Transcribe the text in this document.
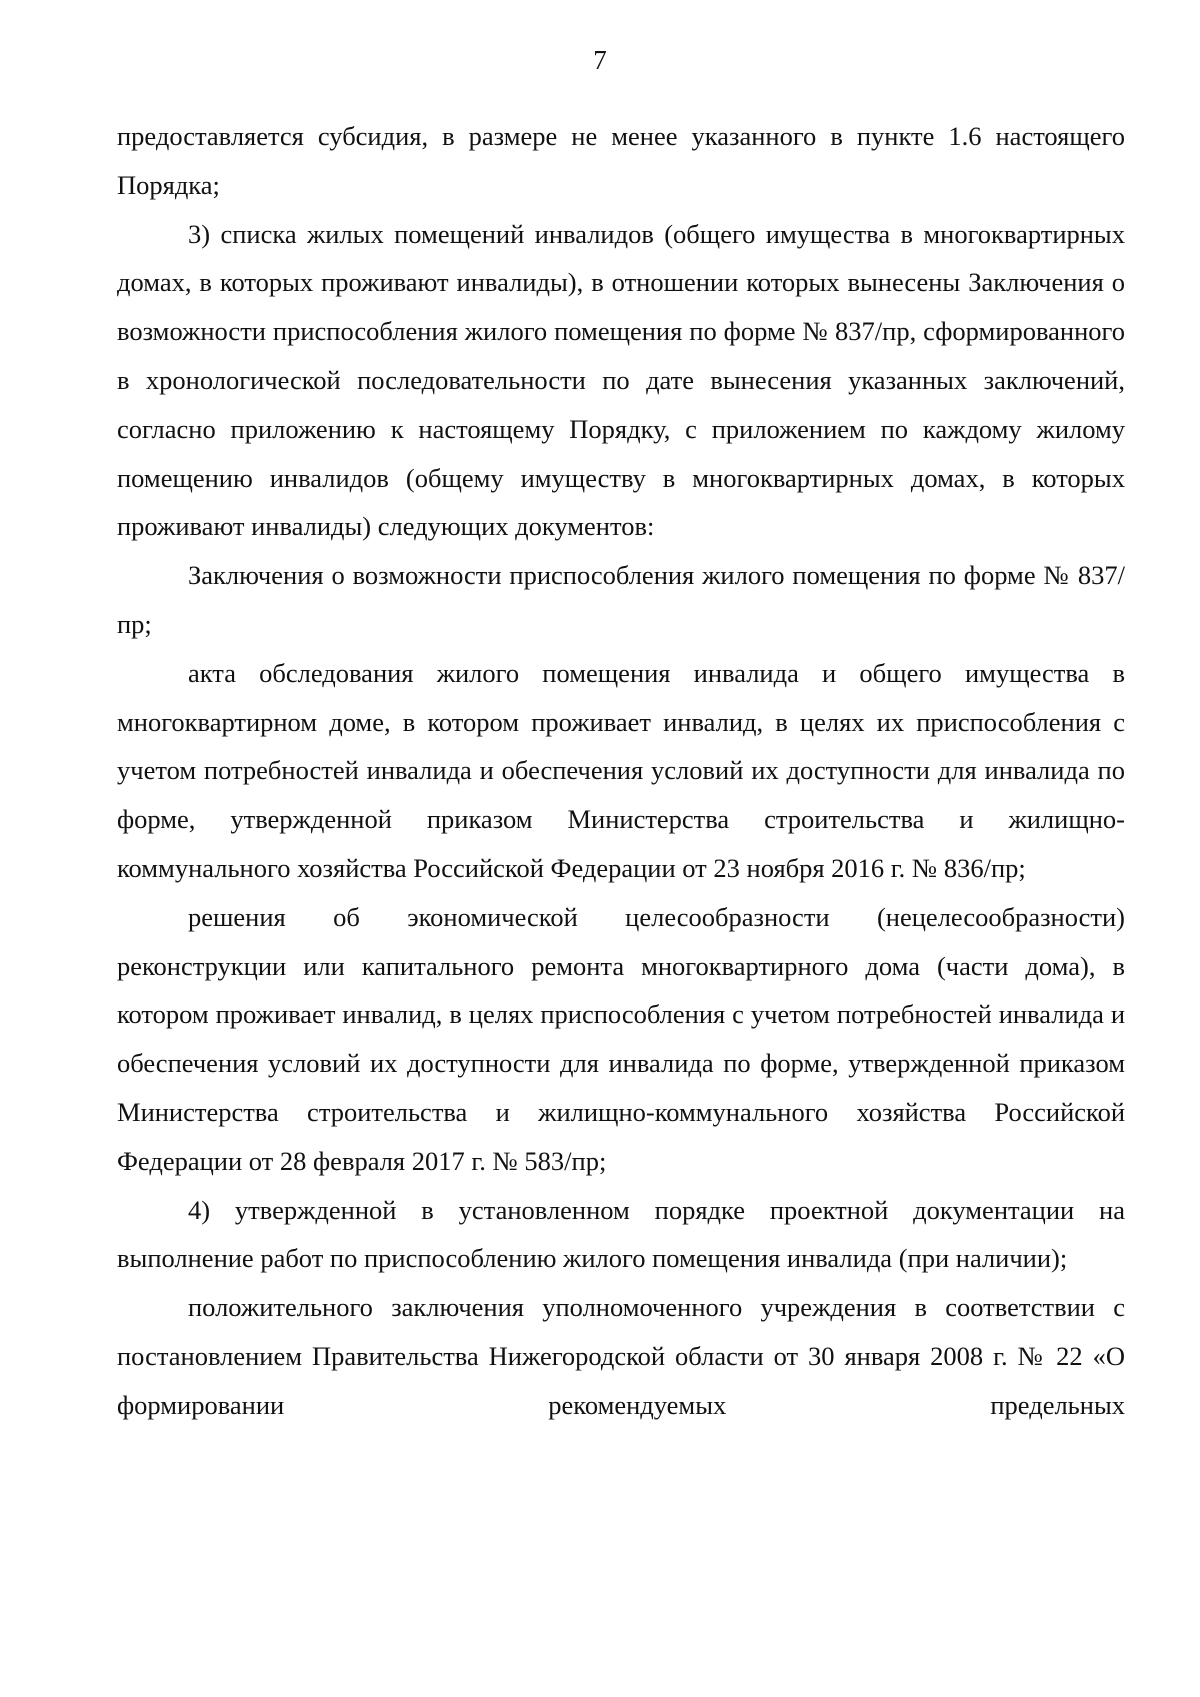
7

предоставляется субсидия, в размере не менее указанного в пункте 1.6 настоящего Порядка;

3) списка жилых помещений инвалидов (общего имущества в многоквартирных домах, в которых проживают инвалиды), в отношении которых вынесены Заключения о возможности приспособления жилого помещения по форме № 837/пр, сформированного в хронологической последовательности по дате вынесения указанных заключений, согласно приложению к настоящему Порядку, с приложением по каждому жилому помещению инвалидов (общему имуществу в многоквартирных домах, в которых проживают инвалиды) следующих документов:

Заключения о возможности приспособления жилого помещения по форме № 837/пр;

акта обследования жилого помещения инвалида и общего имущества в многоквартирном доме, в котором проживает инвалид, в целях их приспособления с учетом потребностей инвалида и обеспечения условий их доступности для инвалида по форме, утвержденной приказом Министерства строительства и жилищно-коммунального хозяйства Российской Федерации от 23 ноября 2016 г. № 836/пр;

решения об экономической целесообразности (нецелесообразности) реконструкции или капитального ремонта многоквартирного дома (части дома), в котором проживает инвалид, в целях приспособления с учетом потребностей инвалида и обеспечения условий их доступности для инвалида по форме, утвержденной приказом Министерства строительства и жилищно-коммунального хозяйства Российской Федерации от 28 февраля 2017 г. № 583/пр;

4) утвержденной в установленном порядке проектной документации на выполнение работ по приспособлению жилого помещения инвалида (при наличии);

положительного заключения уполномоченного учреждения в соответствии с постановлением Правительства Нижегородской области от 30 января 2008 г. № 22 «О формировании рекомендуемых предельных
